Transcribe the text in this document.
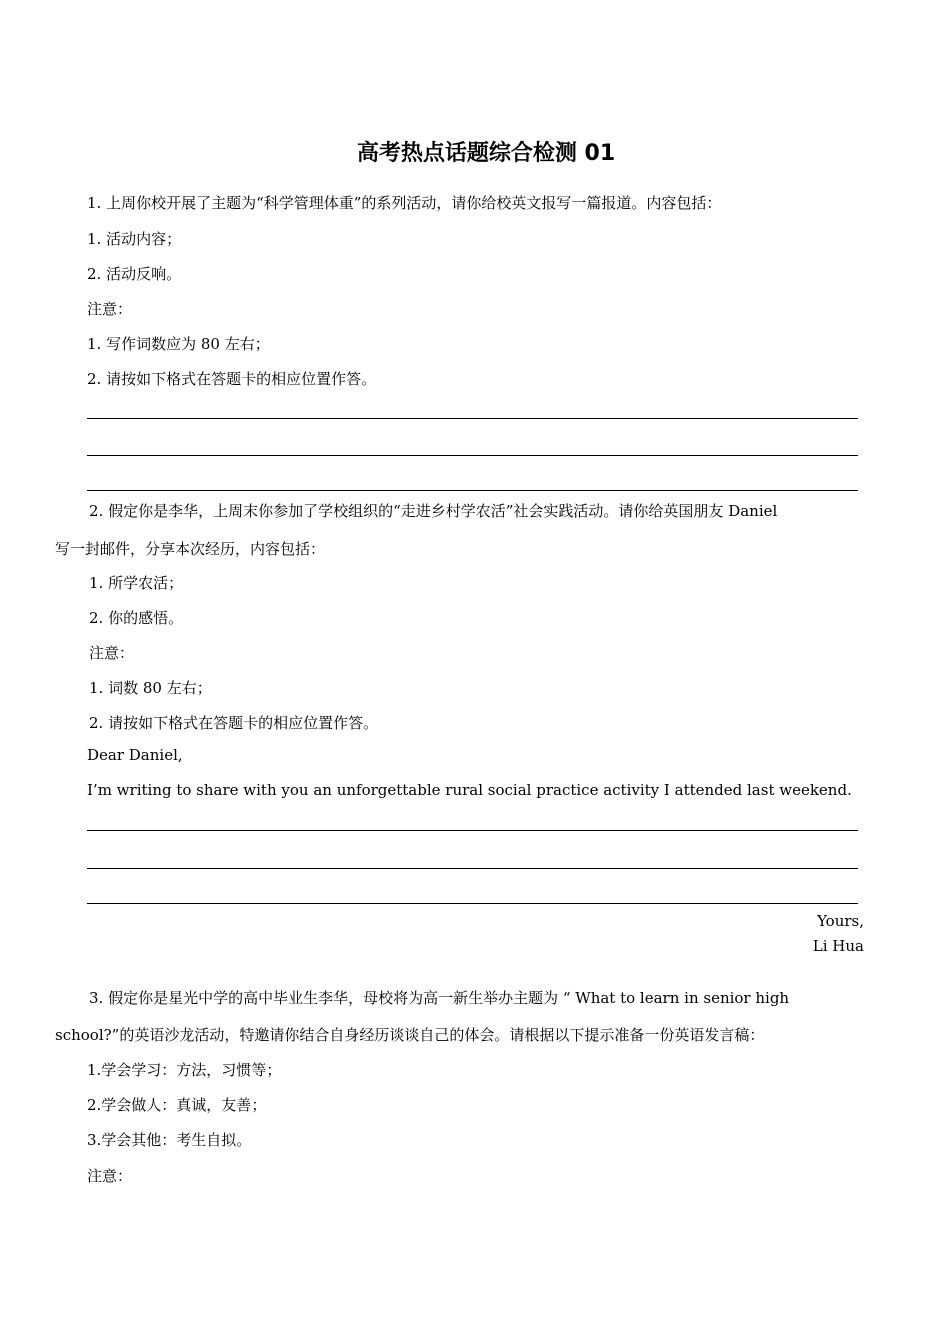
高考热点话题综合检测 01
1. 上周你校开展了主题为“科学管理体重”的系列活动，请你给校英文报写一篇报道。内容包括：
1. 活动内容；
2. 活动反响。
注意：
1. 写作词数应为 80 左右；
2. 请按如下格式在答题卡的相应位置作答。
2. 假定你是李华，上周末你参加了学校组织的“走进乡村学农活”社会实践活动。请你给英国朋友 Daniel
写一封邮件，分享本次经历，内容包括：
1. 所学农活；
2. 你的感悟。
注意：
1. 词数 80 左右；
2. 请按如下格式在答题卡的相应位置作答。
Dear Daniel,
I’m writing to share with you an unforgettable rural social practice activity I attended last weekend.
Yours,
Li Hua
3. 假定你是星光中学的高中毕业生李华，母校将为高一新生举办主题为 “ What to learn in senior high
school?”的英语沙龙活动，特邀请你结合自身经历谈谈自己的体会。请根据以下提示准备一份英语发言稿：
1.学会学习：方法，习惯等；
2.学会做人：真诚，友善；
3.学会其他：考生自拟。
注意：
